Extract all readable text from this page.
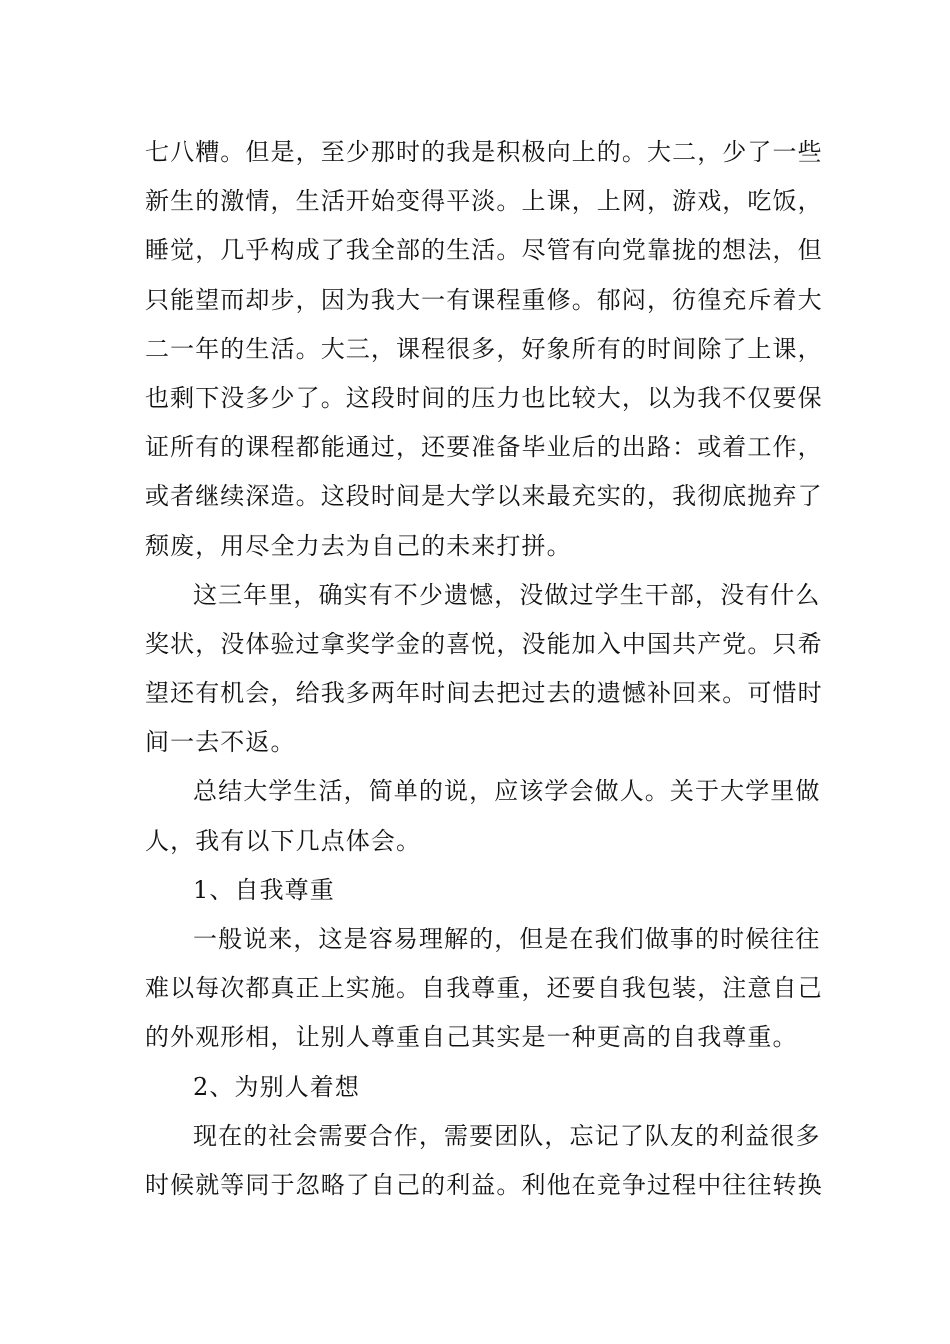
七八糟。但是，至少那时的我是积极向上的。大二，少了一些
新生的激情，生活开始变得平淡。上课，上网，游戏，吃饭，
睡觉，几乎构成了我全部的生活。尽管有向党靠拢的想法，但
只能望而却步，因为我大一有课程重修。郁闷，彷徨充斥着大
二一年的生活。大三，课程很多，好象所有的时间除了上课，
也剩下没多少了。这段时间的压力也比较大，以为我不仅要保
证所有的课程都能通过，还要准备毕业后的出路：或着工作，
或者继续深造。这段时间是大学以来最充实的，我彻底抛弃了
颓废，用尽全力去为自己的未来打拼。
这三年里，确实有不少遗憾，没做过学生干部，没有什么
奖状，没体验过拿奖学金的喜悦，没能加入中国共产党。只希
望还有机会，给我多两年时间去把过去的遗憾补回来。可惜时
间一去不返。
总结大学生活，简单的说，应该学会做人。关于大学里做
人，我有以下几点体会。
1、自我尊重
一般说来，这是容易理解的，但是在我们做事的时候往往
难以每次都真正上实施。自我尊重，还要自我包装，注意自己
的外观形相，让别人尊重自己其实是一种更高的自我尊重。
2、为别人着想
现在的社会需要合作，需要团队，忘记了队友的利益很多
时候就等同于忽略了自己的利益。利他在竞争过程中往往转换
